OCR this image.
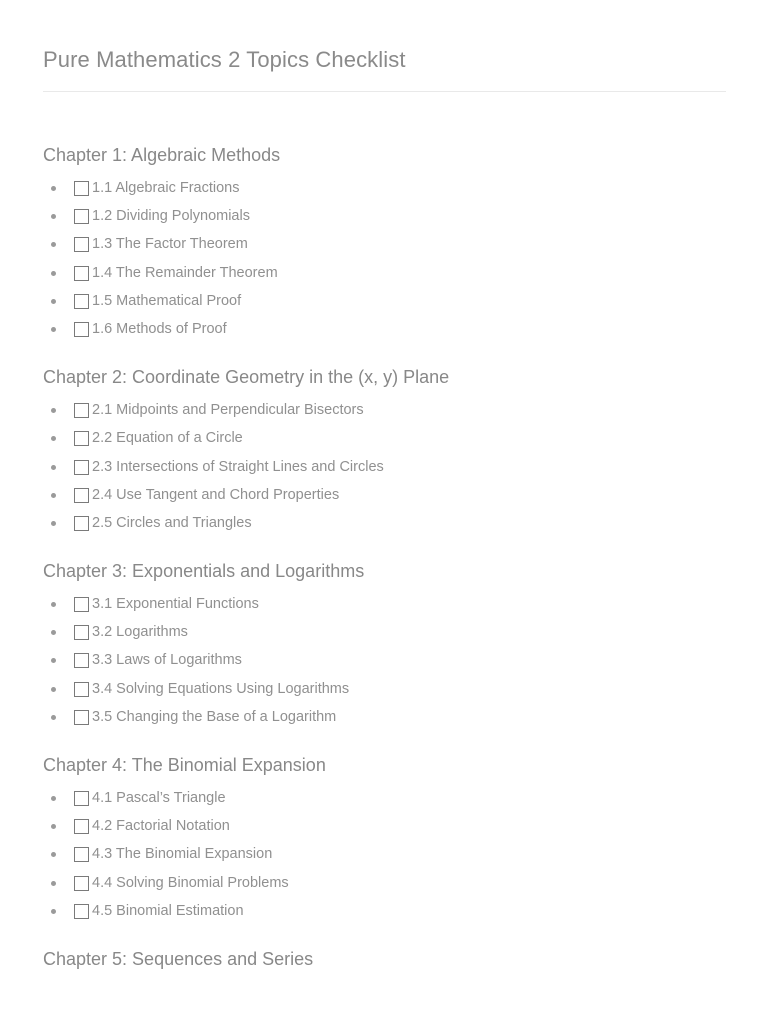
Pure Mathematics 2 Topics Checklist
Chapter 1: Algebraic Methods
1.1 Algebraic Fractions
1.2 Dividing Polynomials
1.3 The Factor Theorem
1.4 The Remainder Theorem
1.5 Mathematical Proof
1.6 Methods of Proof
Chapter 2: Coordinate Geometry in the (x, y) Plane
2.1 Midpoints and Perpendicular Bisectors
2.2 Equation of a Circle
2.3 Intersections of Straight Lines and Circles
2.4 Use Tangent and Chord Properties
2.5 Circles and Triangles
Chapter 3: Exponentials and Logarithms
3.1 Exponential Functions
3.2 Logarithms
3.3 Laws of Logarithms
3.4 Solving Equations Using Logarithms
3.5 Changing the Base of a Logarithm
Chapter 4: The Binomial Expansion
4.1 Pascal’s Triangle
4.2 Factorial Notation
4.3 The Binomial Expansion
4.4 Solving Binomial Problems
4.5 Binomial Estimation
Chapter 5: Sequences and Series
